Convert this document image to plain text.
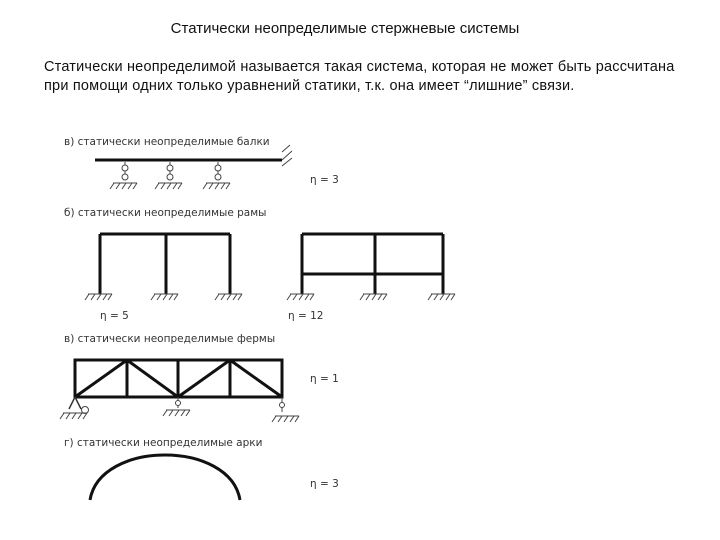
Статически неопределимые стержневые системы

Статически неопределимой называется такая система, которая не может быть рассчитана при помощи одних только уравнений статики, т.к. она имеет “лишние” связи.

в) статически неопределимые балки
η = 3
б) статически неопределимые рамы
η = 5	η = 12
в) статически неопределимые фермы
η = 1
г) статически неопределимые арки
η = 3
